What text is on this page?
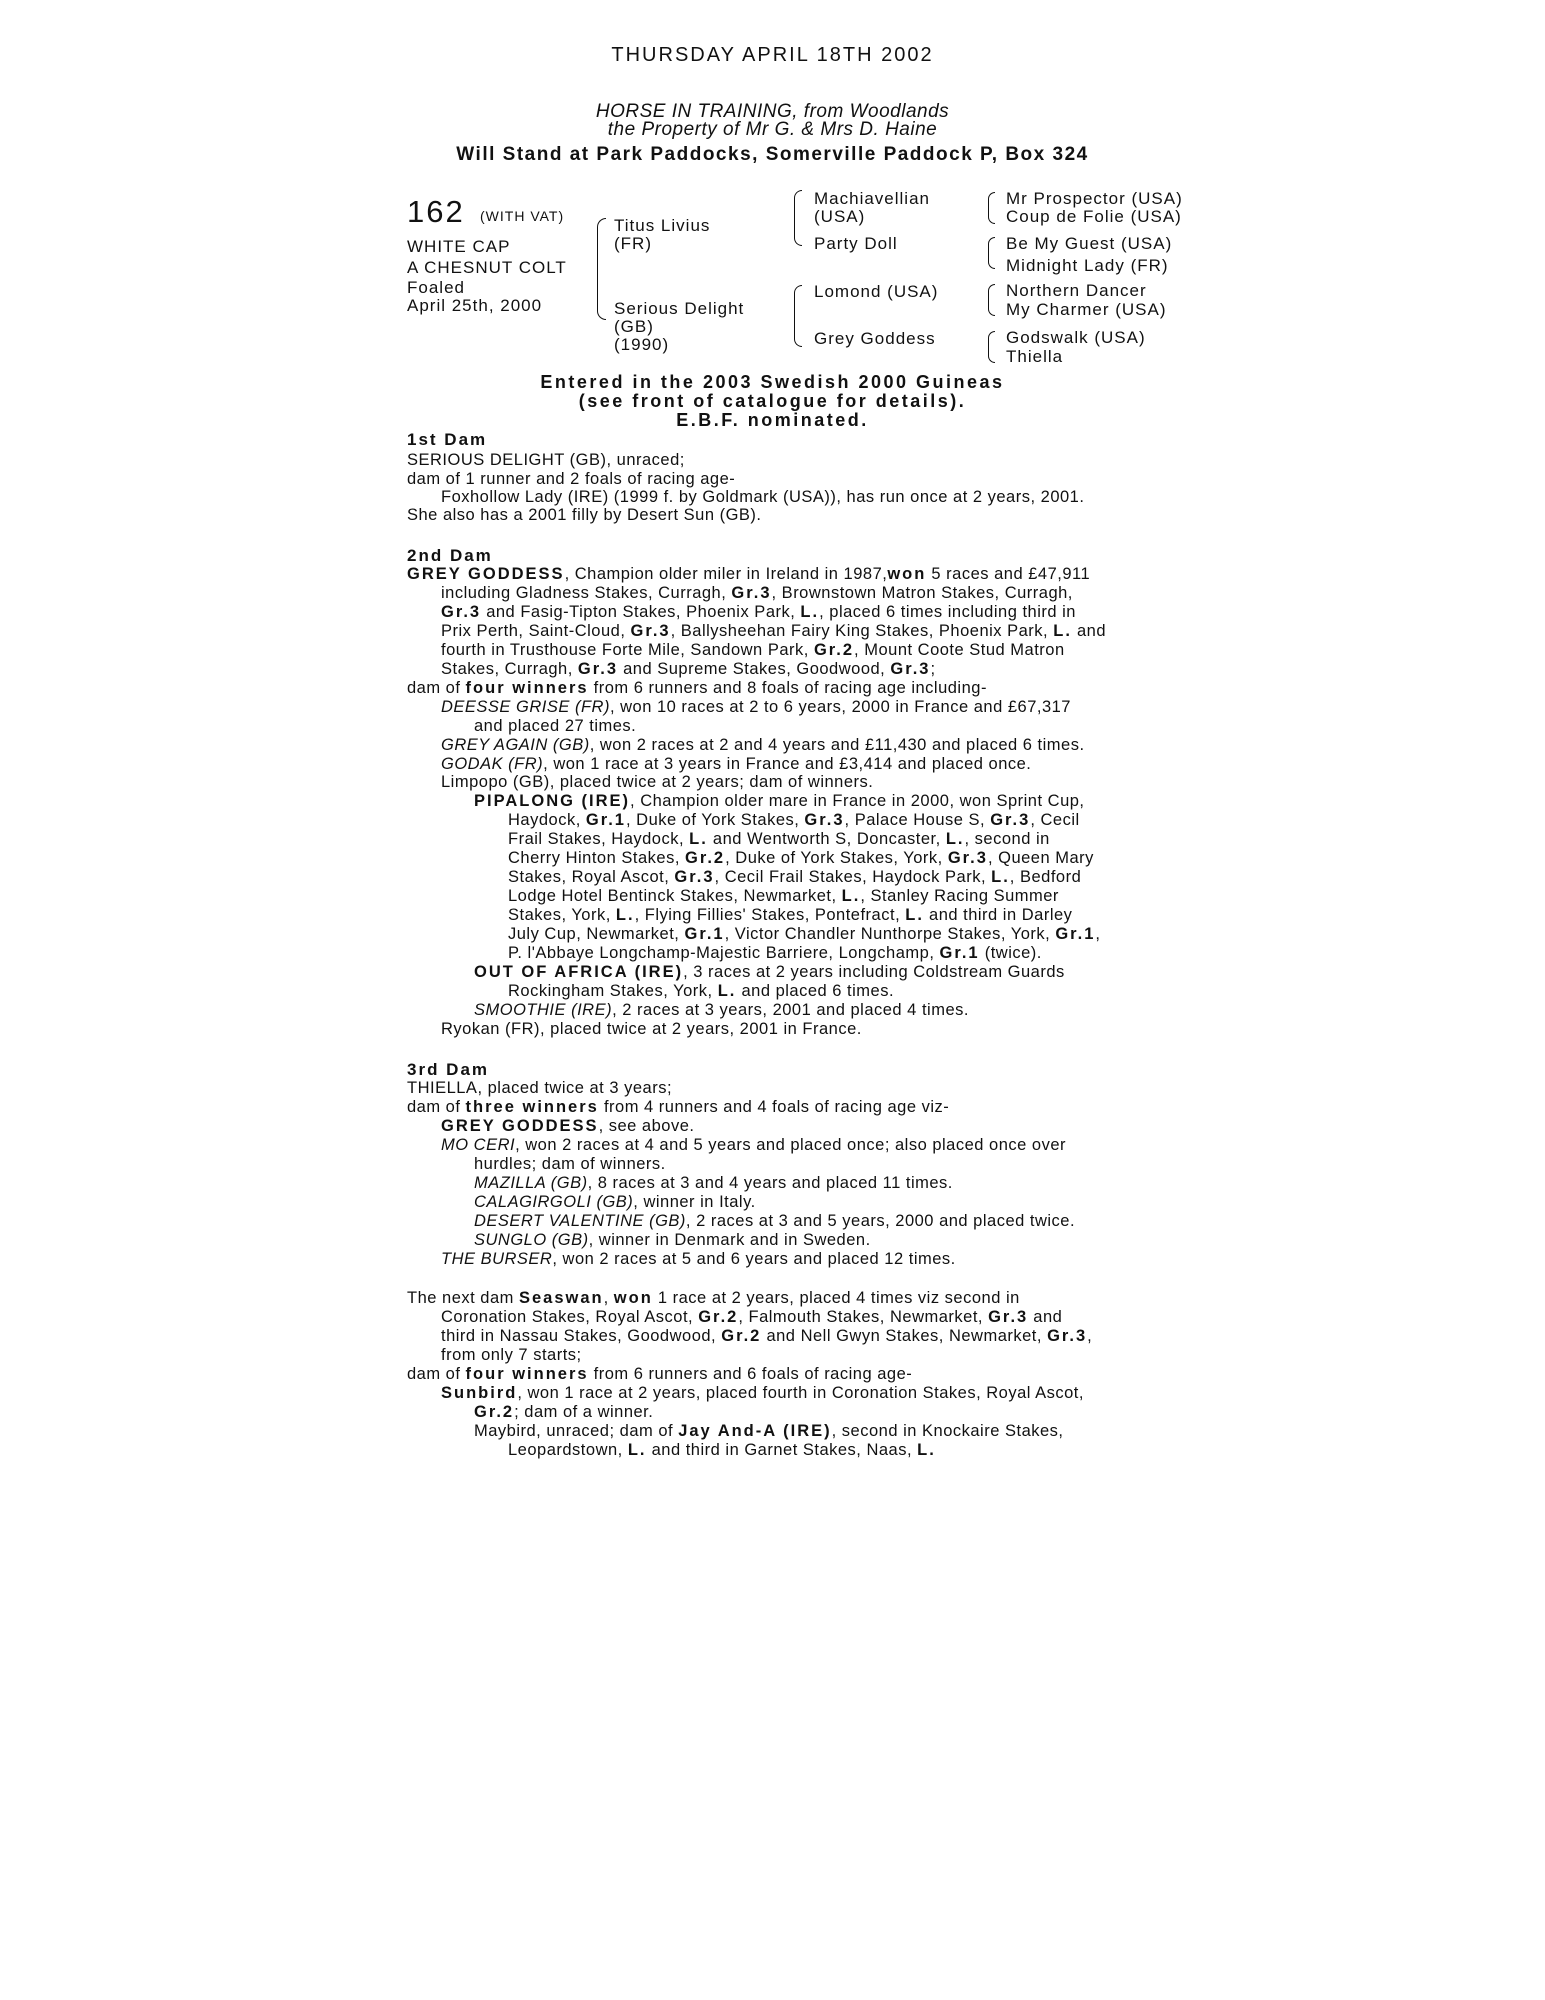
THURSDAY APRIL 18TH 2002
HORSE IN TRAINING, from Woodlands
the Property of Mr G. & Mrs D. Haine
Will Stand at Park Paddocks, Somerville Paddock P, Box 324
162 (WITH VAT)
WHITE CAP
A CHESNUT COLT
Foaled
April 25th, 2000
Titus Livius
(FR)
Serious Delight
(GB)
(1990)
Machiavellian
(USA)
Party Doll
Lomond (USA)
Grey Goddess
Mr Prospector (USA)
Coup de Folie (USA)
Be My Guest (USA)
Midnight Lady (FR)
Northern Dancer
My Charmer (USA)
Godswalk (USA)
Thiella
Entered in the 2003 Swedish 2000 Guineas
(see front of catalogue for details).
E.B.F. nominated.
1st Dam
SERIOUS DELIGHT (GB), unraced;
dam of 1 runner and 2 foals of racing age-
Foxhollow Lady (IRE) (1999 f. by Goldmark (USA)), has run once at 2 years, 2001.
She also has a 2001 filly by Desert Sun (GB).
2nd Dam
GREY GODDESS, Champion older miler in Ireland in 1987,won 5 races and £47,911
including Gladness Stakes, Curragh, Gr.3, Brownstown Matron Stakes, Curragh,
Gr.3 and Fasig-Tipton Stakes, Phoenix Park, L., placed 6 times including third in
Prix Perth, Saint-Cloud, Gr.3, Ballysheehan Fairy King Stakes, Phoenix Park, L. and
fourth in Trusthouse Forte Mile, Sandown Park, Gr.2, Mount Coote Stud Matron
Stakes, Curragh, Gr.3 and Supreme Stakes, Goodwood, Gr.3;
dam of four winners from 6 runners and 8 foals of racing age including-
DEESSE GRISE (FR), won 10 races at 2 to 6 years, 2000 in France and £67,317
and placed 27 times.
GREY AGAIN (GB), won 2 races at 2 and 4 years and £11,430 and placed 6 times.
GODAK (FR), won 1 race at 3 years in France and £3,414 and placed once.
Limpopo (GB), placed twice at 2 years; dam of winners.
PIPALONG (IRE), Champion older mare in France in 2000, won Sprint Cup,
Haydock, Gr.1, Duke of York Stakes, Gr.3, Palace House S, Gr.3, Cecil
Frail Stakes, Haydock, L. and Wentworth S, Doncaster, L., second in
Cherry Hinton Stakes, Gr.2, Duke of York Stakes, York, Gr.3, Queen Mary
Stakes, Royal Ascot, Gr.3, Cecil Frail Stakes, Haydock Park, L., Bedford
Lodge Hotel Bentinck Stakes, Newmarket, L., Stanley Racing Summer
Stakes, York, L., Flying Fillies' Stakes, Pontefract, L. and third in Darley
July Cup, Newmarket, Gr.1, Victor Chandler Nunthorpe Stakes, York, Gr.1,
P. l'Abbaye Longchamp-Majestic Barriere, Longchamp, Gr.1 (twice).
OUT OF AFRICA (IRE), 3 races at 2 years including Coldstream Guards
Rockingham Stakes, York, L. and placed 6 times.
SMOOTHIE (IRE), 2 races at 3 years, 2001 and placed 4 times.
Ryokan (FR), placed twice at 2 years, 2001 in France.
3rd Dam
THIELLA, placed twice at 3 years;
dam of three winners from 4 runners and 4 foals of racing age viz-
GREY GODDESS, see above.
MO CERI, won 2 races at 4 and 5 years and placed once; also placed once over
hurdles; dam of winners.
MAZILLA (GB), 8 races at 3 and 4 years and placed 11 times.
CALAGIRGOLI (GB), winner in Italy.
DESERT VALENTINE (GB), 2 races at 3 and 5 years, 2000 and placed twice.
SUNGLO (GB), winner in Denmark and in Sweden.
THE BURSER, won 2 races at 5 and 6 years and placed 12 times.
The next dam Seaswan, won 1 race at 2 years, placed 4 times viz second in
Coronation Stakes, Royal Ascot, Gr.2, Falmouth Stakes, Newmarket, Gr.3 and
third in Nassau Stakes, Goodwood, Gr.2 and Nell Gwyn Stakes, Newmarket, Gr.3,
from only 7 starts;
dam of four winners from 6 runners and 6 foals of racing age-
Sunbird, won 1 race at 2 years, placed fourth in Coronation Stakes, Royal Ascot,
Gr.2; dam of a winner.
Maybird, unraced; dam of Jay And-A (IRE), second in Knockaire Stakes,
Leopardstown, L. and third in Garnet Stakes, Naas, L.
